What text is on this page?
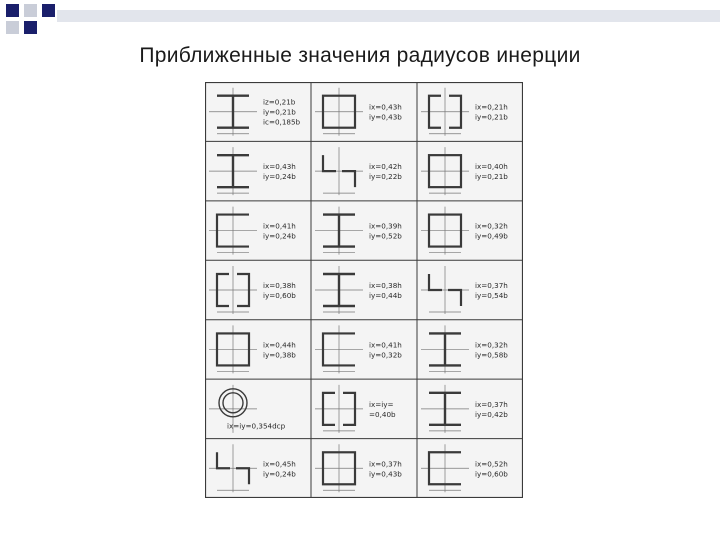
Приближенные значения радиусов инерции
iz=0,21b
iy=0,21b
ic=0,185b
ix=0,43h
iy=0,43b
ix=0,21h
iy=0,21b
ix=0,43h
iy=0,24b
ix=0,42h
iy=0,22b
ix=0,40h
iy=0,21b
ix=0,41h
iy=0,24b
ix=0,39h
iy=0,52b
ix=0,32h
iy=0,49b
ix=0,38h
iy=0,60b
ix=0,38h
iy=0,44b
ix=0,37h
iy=0,54b
ix=0,44h
iy=0,38b
ix=0,41h
iy=0,32b
ix=0,32h
iy=0,58b
ix=iy=0,354dcp
ix=iy=
=0,40b
ix=0,37h
iy=0,42b
ix=0,45h
iy=0,24b
ix=0,37h
iy=0,43b
ix=0,52h
iy=0,60b
